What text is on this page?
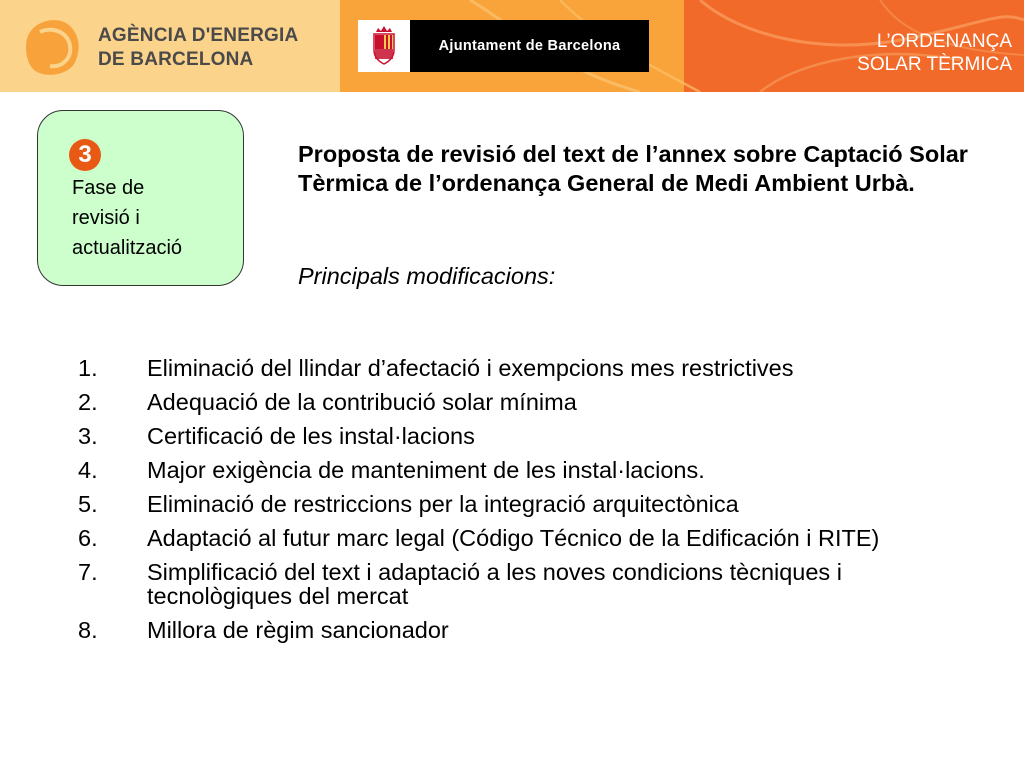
AGÈNCIA D'ENERGIA
DE BARCELONA
Ajuntament de Barcelona	L’ORDENANÇA
SOLAR TÈRMICA
3
Fase de
revisió i
actualització
Proposta de revisió del text de l’annex sobre Captació Solar Tèrmica de l’ordenança General de Medi Ambient Urbà.
Principals modificacions:
1. Eliminació del llindar d’afectació i exempcions mes restrictives
2. Adequació de la contribució solar mínima
3. Certificació de les instal·lacions
4. Major exigència de manteniment de les instal·lacions.
5. Eliminació de restriccions per la integració arquitectònica
6. Adaptació al futur marc legal (Código Técnico de la Edificación i RITE)
7. Simplificació del text i adaptació a les noves condicions tècniques i tecnològiques del mercat
8. Millora de règim sancionador
